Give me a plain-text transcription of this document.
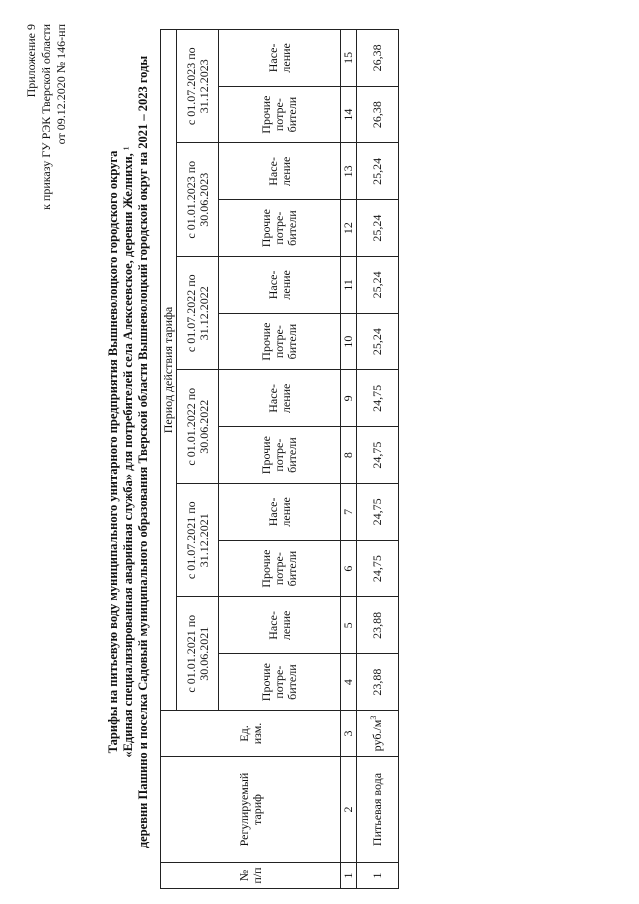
Приложение 9 к приказу ГУ РЭК Тверской области от 09.12.2020 № 146-нп
Тарифы на питьевую воду муниципального унитарного предприятия Вышневолоцкого городского округа «Единая специализированная аварийная служба» для потребителей села Алексеевское, деревни Желнихи, ¹ деревни Пашино и поселка Садовый муниципального образования Тверской области Вышневолоцкий городской округ на 2021 – 2023 годы
№ п/п	Регулируемый тариф	Ед. изм.	Период действия тарифа											
			с 01.01.2021 по 30.06.2021		с 01.07.2021 по 31.12.2021		с 01.01.2022 по 30.06.2022		с 01.07.2022 по 31.12.2022		с 01.01.2023 по 30.06.2023		с 01.07.2023 по 31.12.2023	
			Прочие потре-бители	Насе-ление	Прочие потре-бители	Насе-ление	Прочие потре-бители	Насе-ление	Прочие потре-бители	Насе-ление	Прочие потре-бители	Насе-ление	Прочие потре-бители	Насе-ление
1	2	3	4	5	6	7	8	9	10	11	12	13	14	15
1	Питьевая вода	$руб./м^3$	23,88	23,88	24,75	24,75	24,75	24,75	25,24	25,24	25,24	25,24	26,38	26,38
